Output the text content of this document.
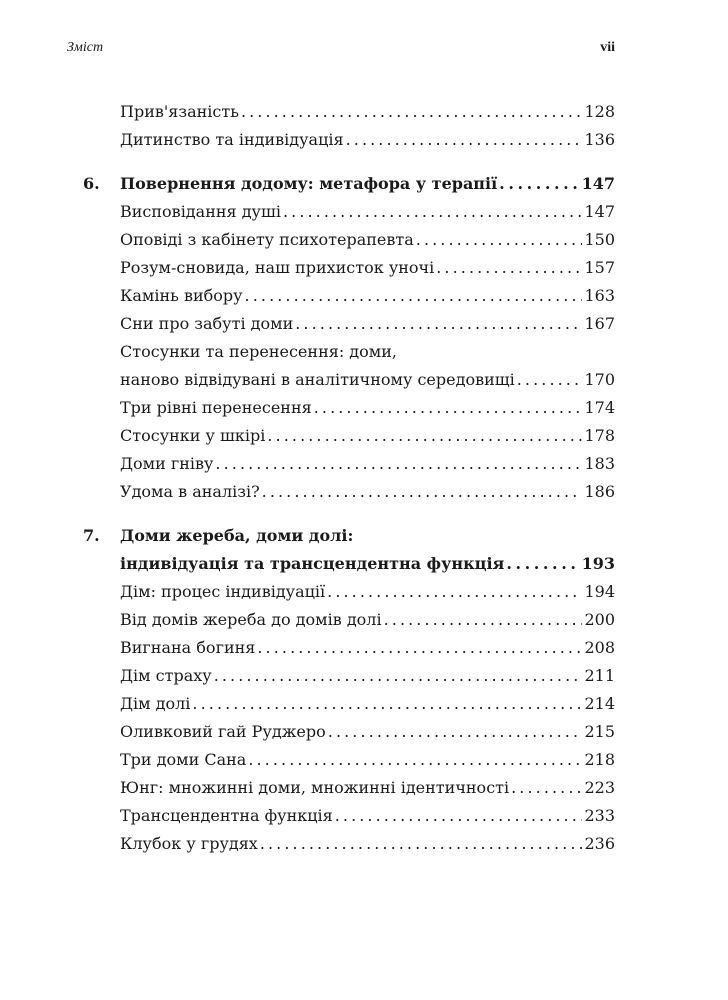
Зміст	vii
Прив'язаність . . .	128
Дитинство та індивідуація . . .	136
6.	Повернення додому: метафора у терапії . . .	147
Висповідання душі . . .	147
Оповіді з кабінету психотерапевта . . .	150
Розум-сновида, наш прихисток уночі . . .	157
Камінь вибору . . .	163
Сни про забуті доми . . .	167
Стосунки та перенесення: доми,
наново відвідувані в аналітичному середовищі . . .	170
Три рівні перенесення . . .	174
Стосунки у шкірі . . .	178
Доми гніву . . .	183
Удома в аналізі? . . .	186
7.	Доми жереба, доми долі:
індивідуація та трансцендентна функція . . .	193
Дім: процес індивідуації . . .	194
Від домів жереба до домів долі . . .	200
Вигнана богиня . . .	208
Дім страху . . .	211
Дім долі . . .	214
Оливковий гай Руджеро . . .	215
Три доми Сана . . .	218
Юнг: множинні доми, множинні ідентичності . . .	223
Трансцендентна функція . . .	233
Клубок у грудях . . .	236
